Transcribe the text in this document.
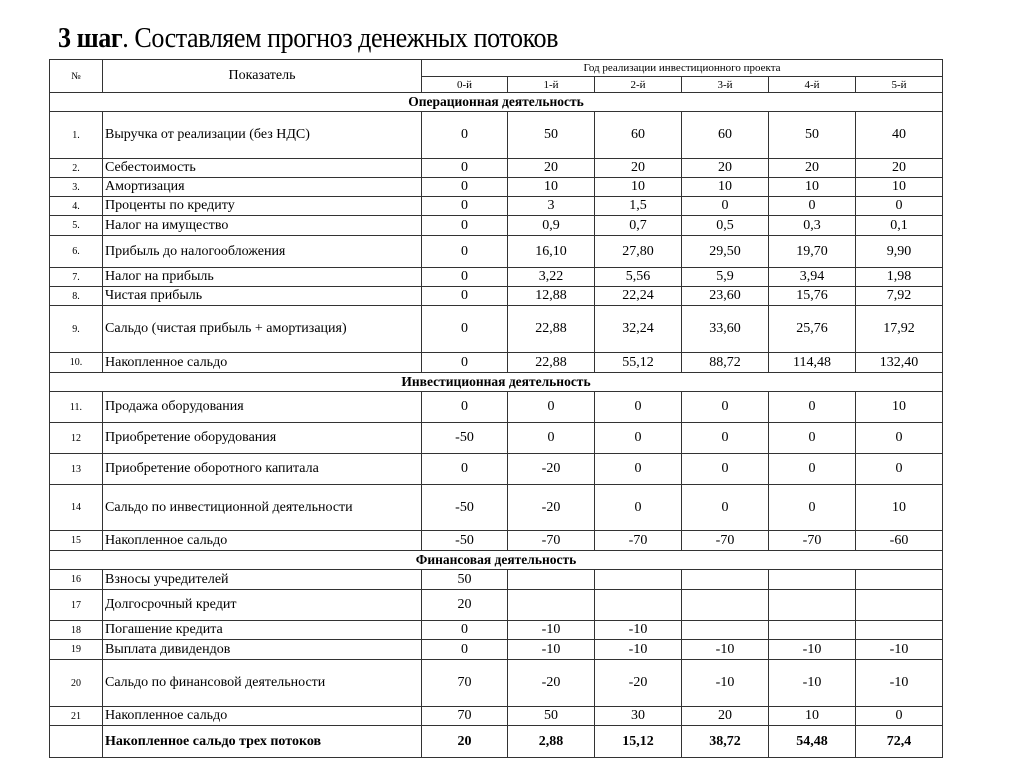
3 шаг. Составляем прогноз денежных потоков
№	Показатель	Год реализации инвестиционного проекта					
		0-й	1-й	2-й	3-й	4-й	5-й
Операционная деятельность							
1.	Выручка от реализации (без НДС)	0	50	60	60	50	40
2.	Себестоимость	0	20	20	20	20	20
3.	Амортизация	0	10	10	10	10	10
4.	Проценты по кредиту	0	3	1,5	0	0	0
5.	Налог на имущество	0	0,9	0,7	0,5	0,3	0,1
6.	Прибыль до налогообложения	0	16,10	27,80	29,50	19,70	9,90
7.	Налог на прибыль	0	3,22	5,56	5,9	3,94	1,98
8.	Чистая прибыль	0	12,88	22,24	23,60	15,76	7,92
9.	Сальдо (чистая прибыль + амортизация)	0	22,88	32,24	33,60	25,76	17,92
10.	Накопленное сальдо	0	22,88	55,12	88,72	114,48	132,40
Инвестиционная деятельность							
11.	Продажа оборудования	0	0	0	0	0	10
12	Приобретение оборудования	-50	0	0	0	0	0
13	Приобретение оборотного капитала	0	-20	0	0	0	0
14	Сальдо по инвестиционной деятельности	-50	-20	0	0	0	10
15	Накопленное сальдо	-50	-70	-70	-70	-70	-60
Финансовая деятельность							
16	Взносы учредителей	50					
17	Долгосрочный кредит	20					
18	Погашение кредита	0	-10	-10			
19	Выплата дивидендов	0	-10	-10	-10	-10	-10
20	Сальдо по финансовой деятельности	70	-20	-20	-10	-10	-10
21	Накопленное сальдо	70	50	30	20	10	0
	Накопленное сальдо трех потоков	20	2,88	15,12	38,72	54,48	72,4
